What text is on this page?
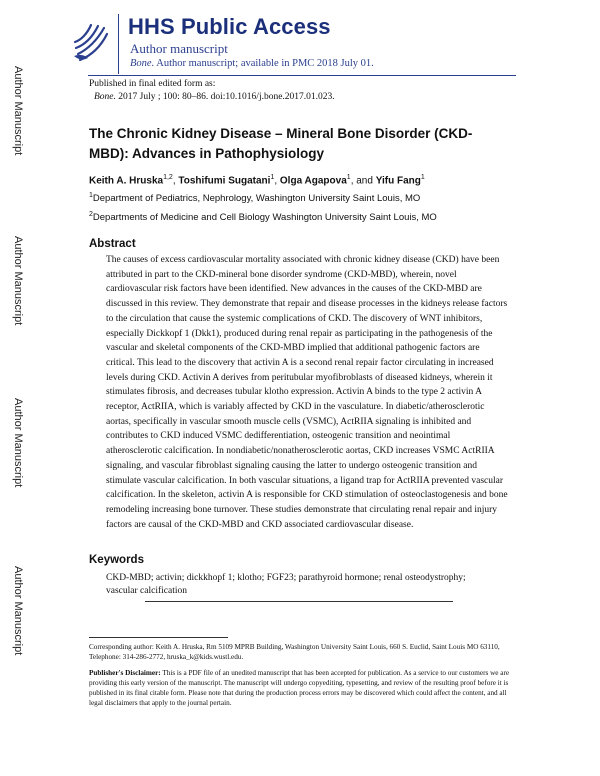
Author Manuscript
Author Manuscript
Author Manuscript
Author Manuscript
HHS Public Access
Author manuscript
Bone. Author manuscript; available in PMC 2018 July 01.
Published in final edited form as:
Bone. 2017 July ; 100: 80–86. doi:10.1016/j.bone.2017.01.023.
The Chronic Kidney Disease – Mineral Bone Disorder (CKD-MBD): Advances in Pathophysiology
Keith A. Hruska$^{1,2}$, Toshifumi Sugatani$^1$, Olga Agapova$^1$, and Yifu Fang$^1$
$^1$Department of Pediatrics, Nephrology, Washington University Saint Louis, MO
$^2$Departments of Medicine and Cell Biology Washington University Saint Louis, MO
Abstract
The causes of excess cardiovascular mortality associated with chronic kidney disease (CKD) have been attributed in part to the CKD-mineral bone disorder syndrome (CKD-MBD), wherein, novel cardiovascular risk factors have been identified. New advances in the causes of the CKD-MBD are discussed in this review. They demonstrate that repair and disease processes in the kidneys release factors to the circulation that cause the systemic complications of CKD. The discovery of WNT inhibitors, especially Dickkopf 1 (Dkk1), produced during renal repair as participating in the pathogenesis of the vascular and skeletal components of the CKD-MBD implied that additional pathogenic factors are critical. This lead to the discovery that activin A is a second renal repair factor circulating in increased levels during CKD. Activin A derives from peritubular myofibroblasts of diseased kidneys, wherein it stimulates fibrosis, and decreases tubular klotho expression. Activin A binds to the type 2 activin A receptor, ActRIIA, which is variably affected by CKD in the vasculature. In diabetic/atherosclerotic aortas, specifically in vascular smooth muscle cells (VSMC), ActRIIA signaling is inhibited and contributes to CKD induced VSMC dedifferentiation, osteogenic transition and neointimal atherosclerotic calcification. In nondiabetic/nonatherosclerotic aortas, CKD increases VSMC ActRIIA signaling, and vascular fibroblast signaling causing the latter to undergo osteogenic transition and stimulate vascular calcification. In both vascular situations, a ligand trap for ActRIIA prevented vascular calcification. In the skeleton, activin A is responsible for CKD stimulation of osteoclastogenesis and bone remodeling increasing bone turnover. These studies demonstrate that circulating renal repair and injury factors are causal of the CKD-MBD and CKD associated cardiovascular disease.
Keywords
CKD-MBD; activin; dickkhopf 1; klotho; FGF23; parathyroid hormone; renal osteodystrophy; vascular calcification
Corresponding author: Keith A. Hruska, Rm 5109 MPRB Building, Washington University Saint Louis, 660 S. Euclid, Saint Louis MO 63110, Telephone: 314-286-2772, hruska_k@kids.wustl.edu.
Publisher's Disclaimer: This is a PDF file of an unedited manuscript that has been accepted for publication. As a service to our customers we are providing this early version of the manuscript. The manuscript will undergo copyediting, typesetting, and review of the resulting proof before it is published in its final citable form. Please note that during the production process errors may be discovered which could affect the content, and all legal disclaimers that apply to the journal pertain.
